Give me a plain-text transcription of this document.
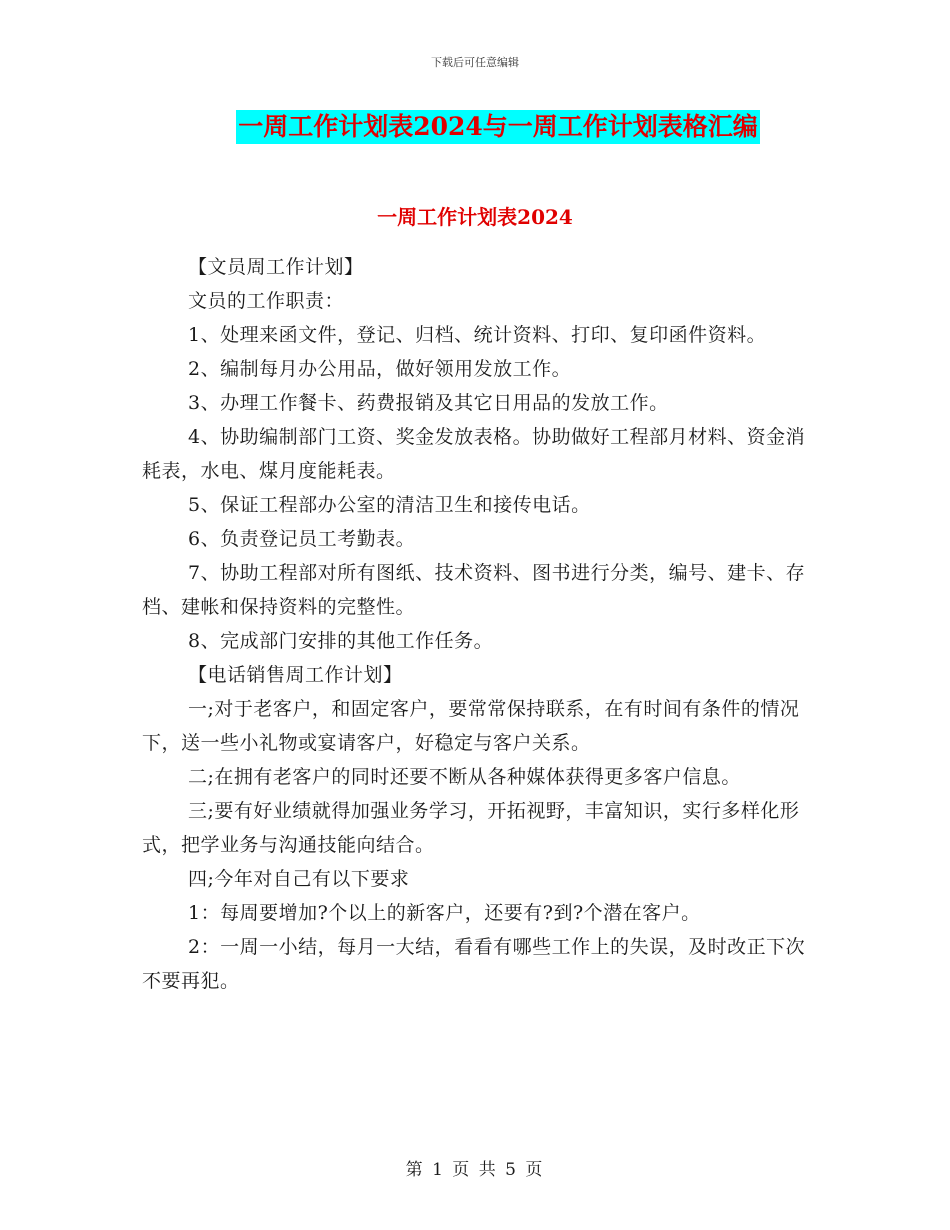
下载后可任意编辑
一周工作计划表2024与一周工作计划表格汇编
一周工作计划表2024

【文员周工作计划】

文员的工作职责：

1、处理来函文件，登记、归档、统计资料、打印、复印函件资料。

2、编制每月办公用品，做好领用发放工作。

3、办理工作餐卡、药费报销及其它日用品的发放工作。

4、协助编制部门工资、奖金发放表格。协助做好工程部月材料、资金消耗表，水电、煤月度能耗表。

5、保证工程部办公室的清洁卫生和接传电话。

6、负责登记员工考勤表。

7、协助工程部对所有图纸、技术资料、图书进行分类，编号、建卡、存档、建帐和保持资料的完整性。

8、完成部门安排的其他工作任务。

【电话销售周工作计划】

一;对于老客户，和固定客户，要常常保持联系，在有时间有条件的情况下，送一些小礼物或宴请客户，好稳定与客户关系。

二;在拥有老客户的同时还要不断从各种媒体获得更多客户信息。

三;要有好业绩就得加强业务学习，开拓视野，丰富知识，实行多样化形式，把学业务与沟通技能向结合。

四;今年对自己有以下要求

1：每周要增加?个以上的新客户，还要有?到?个潜在客户。

2：一周一小结，每月一大结，看看有哪些工作上的失误，及时改正下次不要再犯。

第 1 页 共 5 页
